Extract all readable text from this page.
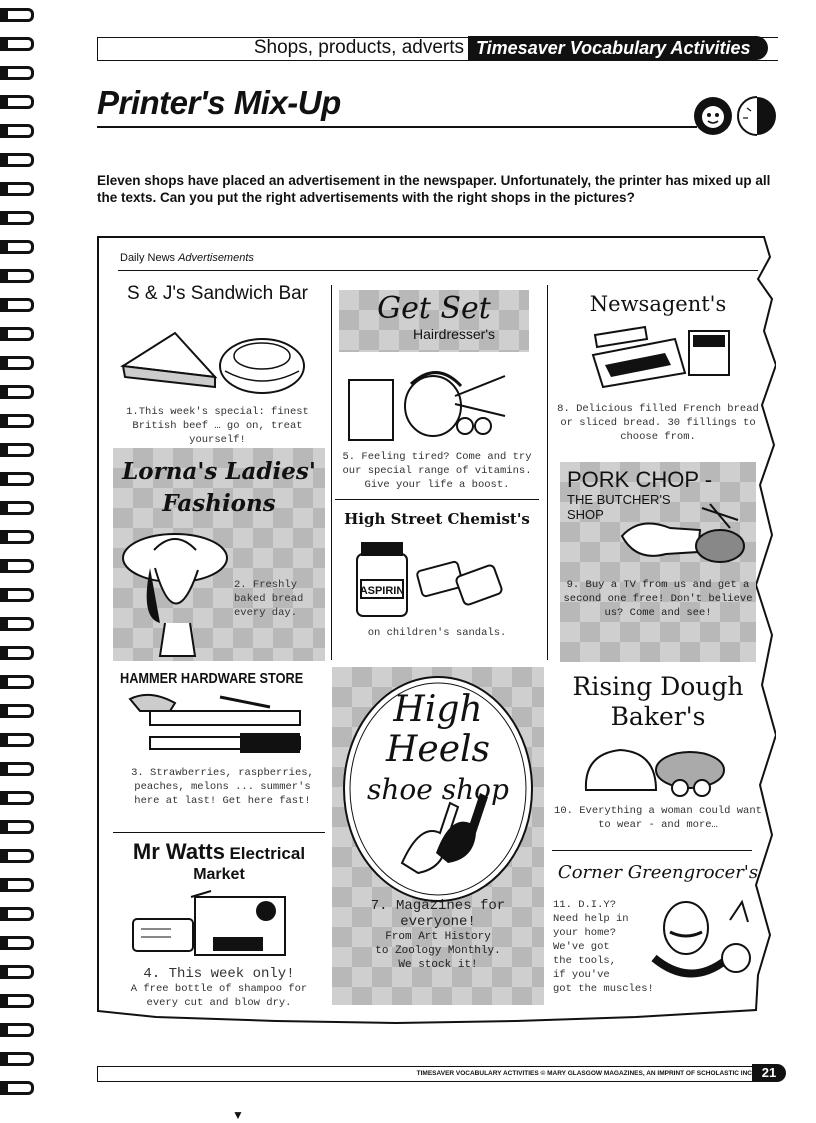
Shops, products, adverts Timesaver Vocabulary Activities
Printer's Mix-Up
Eleven shops have placed an advertisement in the newspaper. Unfortunately, the printer has mixed up all the texts. Can you put the right advertisements with the right shops in the pictures?
Daily News Advertisements
S & J's Sandwich Bar
1.This week's special: finest British beef … go on, treat yourself!
Lorna's Ladies'
Fashions
2. Freshly baked bread every day.
HAMMER HARDWARE STORE
3. Strawberries, raspberries, peaches, melons ... summer's here at last! Get here fast!
Mr Watts Electrical
Market
4. This week only!
A free bottle of shampoo for every cut and blow dry.
Get Set
Hairdresser's
5. Feeling tired? Come and try our special range of vitamins. Give your life a boost.
High Street Chemist's
ASPIRIN
on children's sandals.
High
Heels
shoe shop
7. Magazines for
everyone!
From Art History
to Zoology Monthly.
We stock it!
Newsagent's
8. Delicious filled French bread or sliced bread. 30 fillings to choose from.
PORK CHOP -
THE BUTCHER'S
SHOP
9. Buy a TV from us and get a second one free! Don't believe us? Come and see!
Rising Dough
Baker's
10. Everything a woman could want to wear - and more…
Corner Greengrocer's
11. D.I.Y?
Need help in
your home?
We've got
the tools,
if you've
got the muscles!
TIMESAVER VOCABULARY ACTIVITIES © MARY GLASGOW MAGAZINES, AN IMPRINT OF SCHOLASTIC INC 21
▼
